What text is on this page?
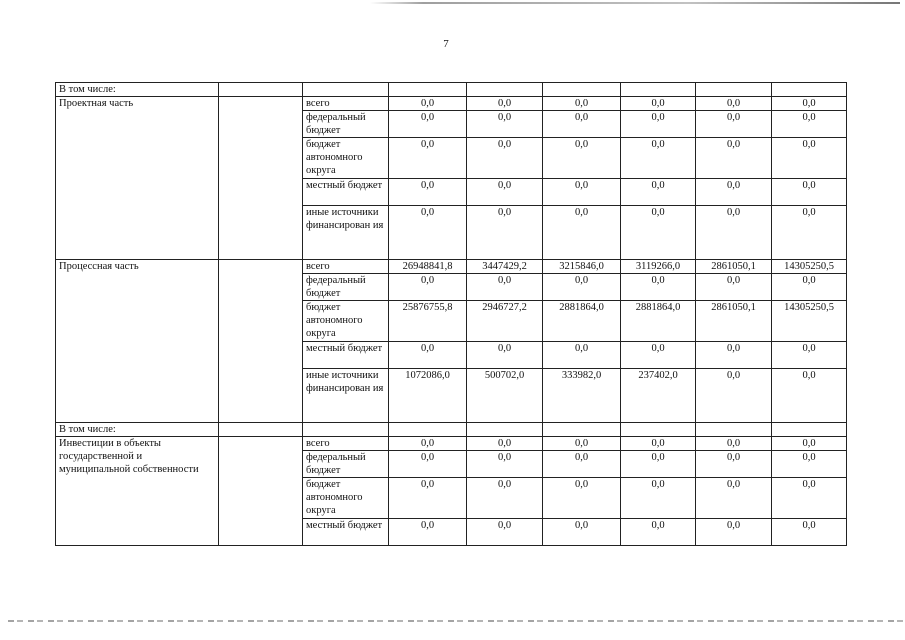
7
В том числе:								
Проектная часть		всего	0,0	0,0	0,0	0,0	0,0	0,0
		федеральный бюджет	0,0	0,0	0,0	0,0	0,0	0,0
		бюджет автономного округа	0,0	0,0	0,0	0,0	0,0	0,0
		местный бюджет	0,0	0,0	0,0	0,0	0,0	0,0
		иные источники финансирован ия	0,0	0,0	0,0	0,0	0,0	0,0
Процессная часть		всего	26948841,8	3447429,2	3215846,0	3119266,0	2861050,1	14305250,5
		федеральный бюджет	0,0	0,0	0,0	0,0	0,0	0,0
		бюджет автономного округа	25876755,8	2946727,2	2881864,0	2881864,0	2861050,1	14305250,5
		местный бюджет	0,0	0,0	0,0	0,0	0,0	0,0
		иные источники финансирован ия	1072086,0	500702,0	333982,0	237402,0	0,0	0,0
В том числе:								
Инвестиции в объекты государственной и муниципальной собственности		всего	0,0	0,0	0,0	0,0	0,0	0,0
		федеральный бюджет	0,0	0,0	0,0	0,0	0,0	0,0
		бюджет автономного округа	0,0	0,0	0,0	0,0	0,0	0,0
		местный бюджет	0,0	0,0	0,0	0,0	0,0	0,0
